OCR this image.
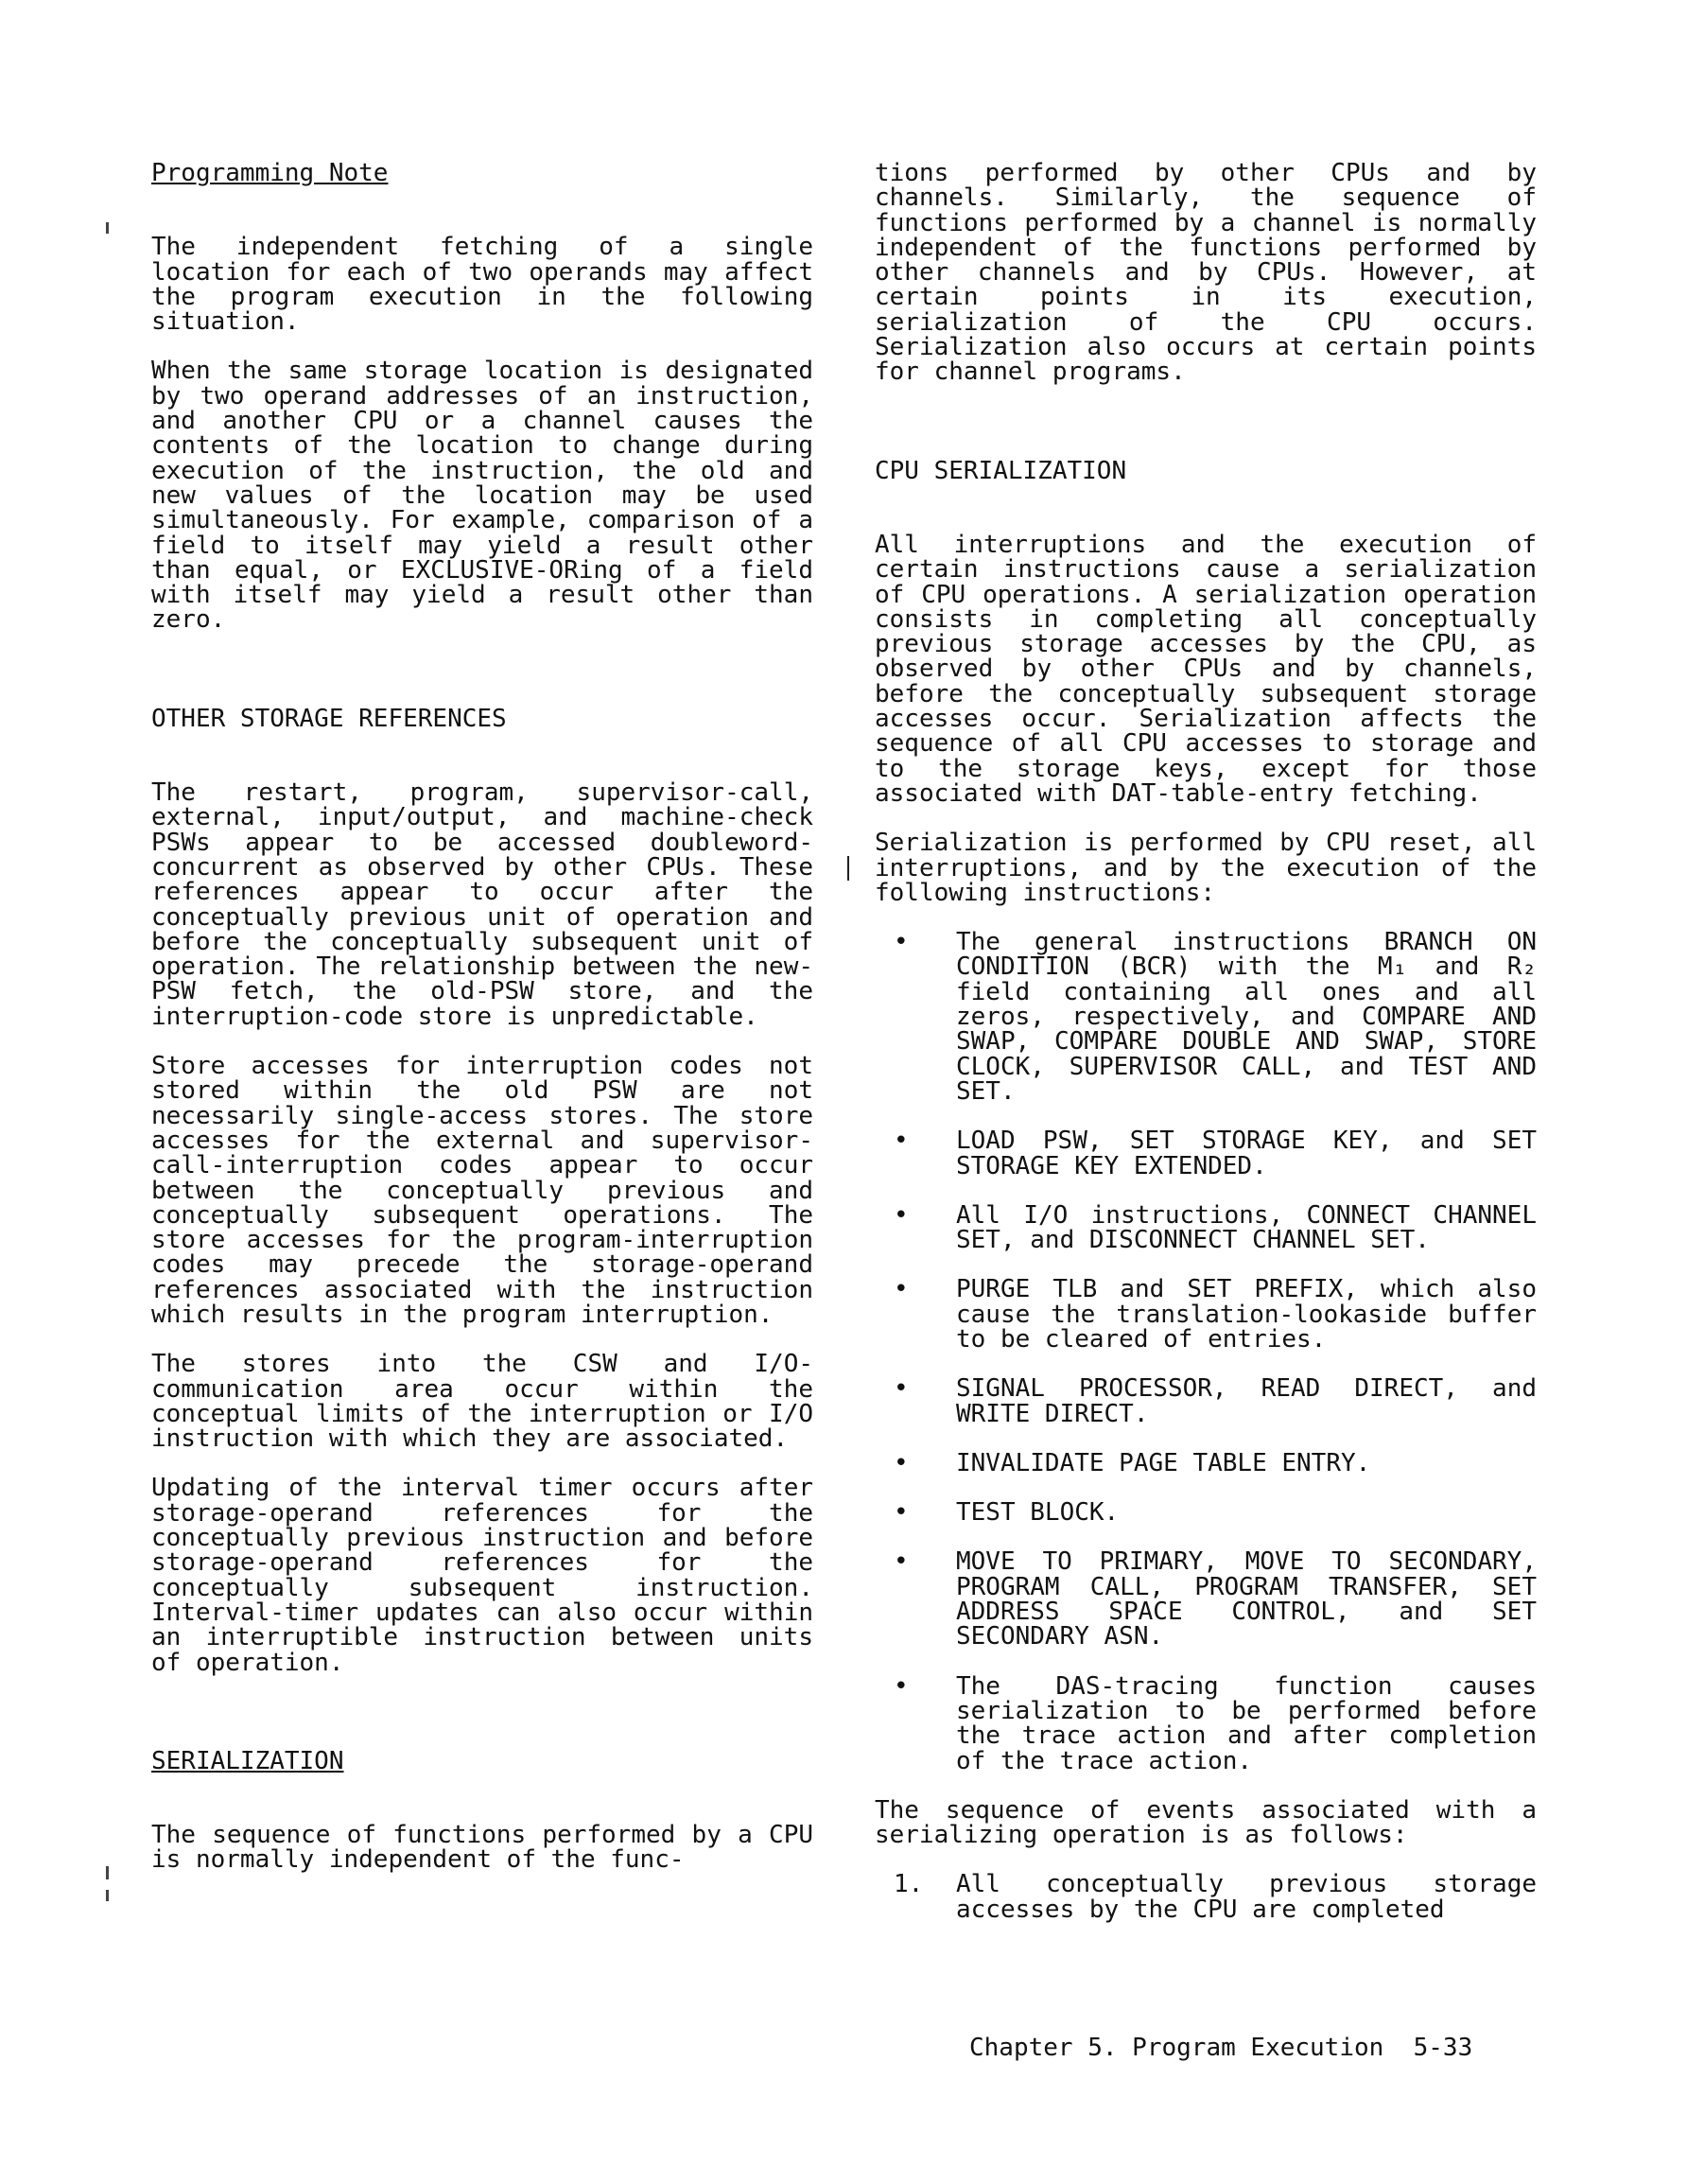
Programming Note

The independent fetching of a single location for each of two operands may affect the program execution in the following situation.

When the same storage location is designated by two operand addresses of an instruction, and another CPU or a channel causes the contents of the location to change during execution of the instruction, the old and new values of the location may be used simultaneously. For example, comparison of a field to itself may yield a result other than equal, or EXCLUSIVE-ORing of a field with itself may yield a result other than zero.

OTHER STORAGE REFERENCES

The restart, program, supervisor-call, external, input/output, and machine-check PSWs appear to be accessed doubleword-concurrent as observed by other CPUs. These references appear to occur after the conceptually previous unit of operation and before the conceptually subsequent unit of operation. The relationship between the new-PSW fetch, the old-PSW store, and the interruption-code store is unpredictable.

Store accesses for interruption codes not stored within the old PSW are not necessarily single-access stores. The store accesses for the external and supervisor-call-interruption codes appear to occur between the conceptually previous and conceptually subsequent operations. The store accesses for the program-interruption codes may precede the storage-operand references associated with the instruction which results in the program interruption.

The stores into the CSW and I/O-communication area occur within the conceptual limits of the interruption or I/O instruction with which they are associated.

Updating of the interval timer occurs after storage-operand references for the conceptually previous instruction and before storage-operand references for the conceptually subsequent instruction. Interval-timer updates can also occur within an interruptible instruction between units of operation.

SERIALIZATION

The sequence of functions performed by a CPU is normally independent of the func-

tions performed by other CPUs and by channels. Similarly, the sequence of functions performed by a channel is normally independent of the functions performed by other channels and by CPUs. However, at certain points in its execution, serialization of the CPU occurs. Serialization also occurs at certain points for channel programs.

CPU SERIALIZATION

All interruptions and the execution of certain instructions cause a serialization of CPU operations. A serialization operation consists in completing all conceptually previous storage accesses by the CPU, as observed by other CPUs and by channels, before the conceptually subsequent storage accesses occur. Serialization affects the sequence of all CPU accesses to storage and to the storage keys, except for those associated with DAT-table-entry fetching.

Serialization is performed by CPU reset, all interruptions, and by the execution of the following instructions:

• The general instructions BRANCH ON CONDITION (BCR) with the M₁ and R₂ field containing all ones and all zeros, respectively, and COMPARE AND SWAP, COMPARE DOUBLE AND SWAP, STORE CLOCK, SUPERVISOR CALL, and TEST AND SET.
• LOAD PSW, SET STORAGE KEY, and SET STORAGE KEY EXTENDED.
• All I/O instructions, CONNECT CHANNEL SET, and DISCONNECT CHANNEL SET.
• PURGE TLB and SET PREFIX, which also cause the translation-lookaside buffer to be cleared of entries.
• SIGNAL PROCESSOR, READ DIRECT, and WRITE DIRECT.
• INVALIDATE PAGE TABLE ENTRY.
• TEST BLOCK.
• MOVE TO PRIMARY, MOVE TO SECONDARY, PROGRAM CALL, PROGRAM TRANSFER, SET ADDRESS SPACE CONTROL, and SET SECONDARY ASN.
• The DAS-tracing function causes serialization to be performed before the trace action and after completion of the trace action.

The sequence of events associated with a serializing operation is as follows:

1. All conceptually previous storage accesses by the CPU are completed
Chapter 5. Program Execution 5-33
